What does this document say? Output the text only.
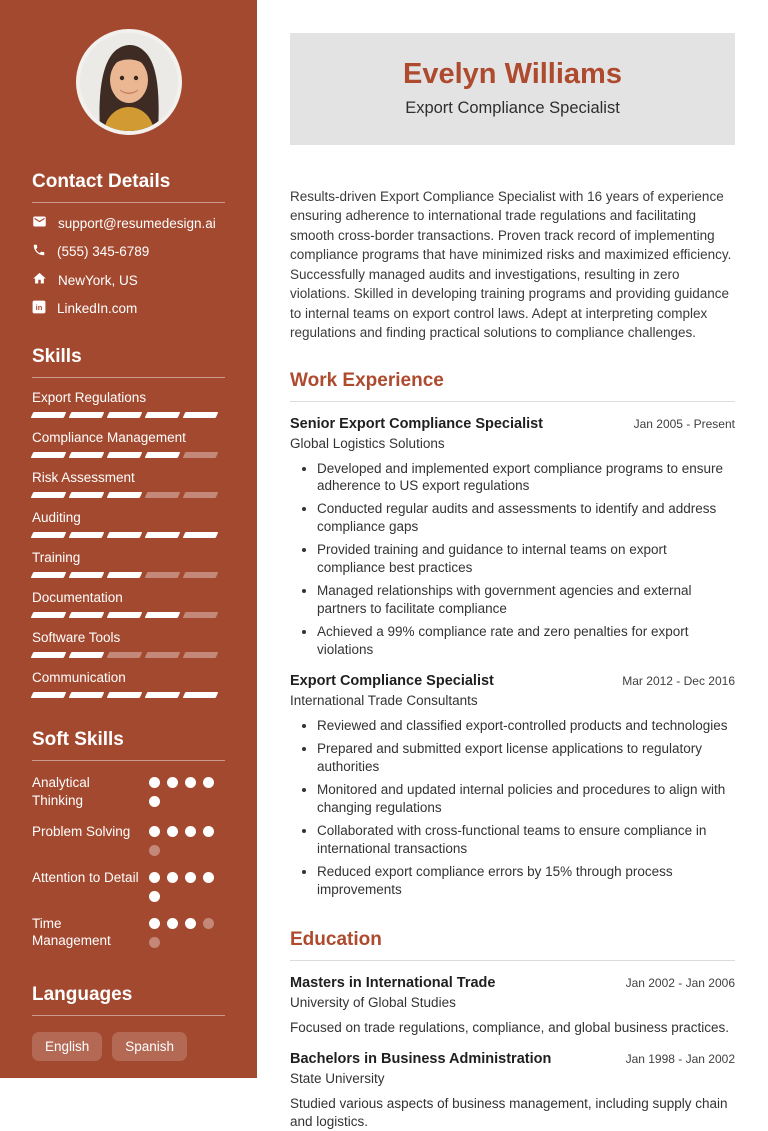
Contact Details
support@resumedesign.ai
(555) 345-6789
NewYork, US
in LinkedIn.com
Skills
Export Regulations
Compliance Management
Risk Assessment
Auditing
Training
Documentation
Software Tools
Communication
Soft Skills
Analytical Thinking
Problem Solving
Attention to Detail
Time Management
Languages
English	Spanish
Evelyn Williams
Export Compliance Specialist

Results-driven Export Compliance Specialist with 16 years of experience ensuring adherence to international trade regulations and facilitating smooth cross-border transactions. Proven track record of implementing compliance programs that have minimized risks and maximized efficiency. Successfully managed audits and investigations, resulting in zero violations. Skilled in developing training programs and providing guidance to internal teams on export control laws. Adept at interpreting complex regulations and finding practical solutions to compliance challenges.

Work Experience
Senior Export Compliance Specialist	Jan 2005 - Present
Global Logistics Solutions
• Developed and implemented export compliance programs to ensure adherence to US export regulations
• Conducted regular audits and assessments to identify and address compliance gaps
• Provided training and guidance to internal teams on export compliance best practices
• Managed relationships with government agencies and external partners to facilitate compliance
• Achieved a 99% compliance rate and zero penalties for export violations
Export Compliance Specialist	Mar 2012 - Dec 2016
International Trade Consultants
• Reviewed and classified export-controlled products and technologies
• Prepared and submitted export license applications to regulatory authorities
• Monitored and updated internal policies and procedures to align with changing regulations
• Collaborated with cross-functional teams to ensure compliance in international transactions
• Reduced export compliance errors by 15% through process improvements
Education
Masters in International Trade	Jan 2002 - Jan 2006
University of Global Studies

Focused on trade regulations, compliance, and global business practices.

Bachelors in Business Administration	Jan 1998 - Jan 2002
State University

Studied various aspects of business management, including supply chain and logistics.
